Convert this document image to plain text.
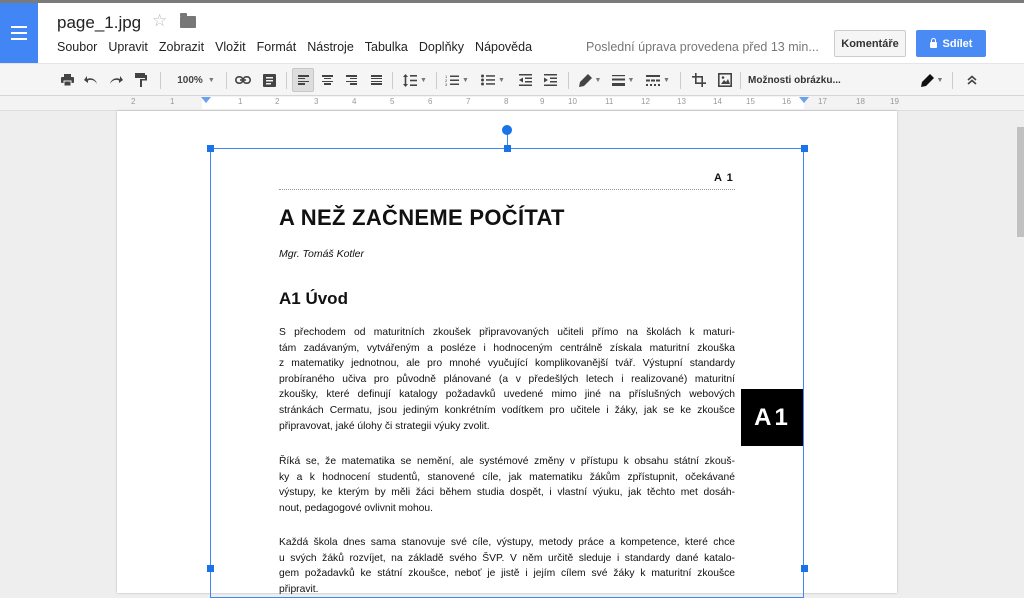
page_1.jpg ☆
Soubor Upravit Zobrazit Vložit Formát Nástroje Tabulka Doplňky Nápověda	Poslední úprava provedena před 13 min...	Komentáře	Sdílet
100% ▼	▼	1
2
3
▼	▼	▼	▼	▼	Možnosti obrázku...	▼
2	1	1	2	3	4	5	6	7	8	9	10	11	12	13	14	15	16	17	18	19
A 1
A NEŽ ZAČNEME POČÍTAT
Mgr. Tomáš Kotler
A1 Úvod
S přechodem od maturitních zkoušek připravovaných učiteli přímo na školách k maturi-
tám zadávaným, vytvářeným a posléze i hodnoceným centrálně získala maturitní zkouška
z matematiky jednotnou, ale pro mnohé vyučující komplikovanější tvář. Výstupní standardy
probíraného učiva pro původně plánované (a v předešlých letech i realizované) maturitní
zkoušky, které definují katalogy požadavků uvedené mimo jiné na příslušných webových
stránkách Cermatu, jsou jediným konkrétním vodítkem pro učitele i žáky, jak se ke zkoušce
připravovat, jaké úlohy či strategii výuky zvolit.
Říká se, že matematika se nemění, ale systémové změny v přístupu k obsahu státní zkouš-
ky a k hodnocení studentů, stanovené cíle, jak matematiku žákům zpřístupnit, očekávané
výstupy, ke kterým by měli žáci během studia dospět, i vlastní výuku, jak těchto met dosáh-
nout, pedagogové ovlivnit mohou.
Každá škola dnes sama stanovuje své cíle, výstupy, metody práce a kompetence, které chce
u svých žáků rozvíjet, na základě svého ŠVP. V něm určitě sleduje i standardy dané katalo-
gem požadavků ke státní zkoušce, neboť je jistě i jejím cílem své žáky k maturitní zkoušce
připravit.
A1
